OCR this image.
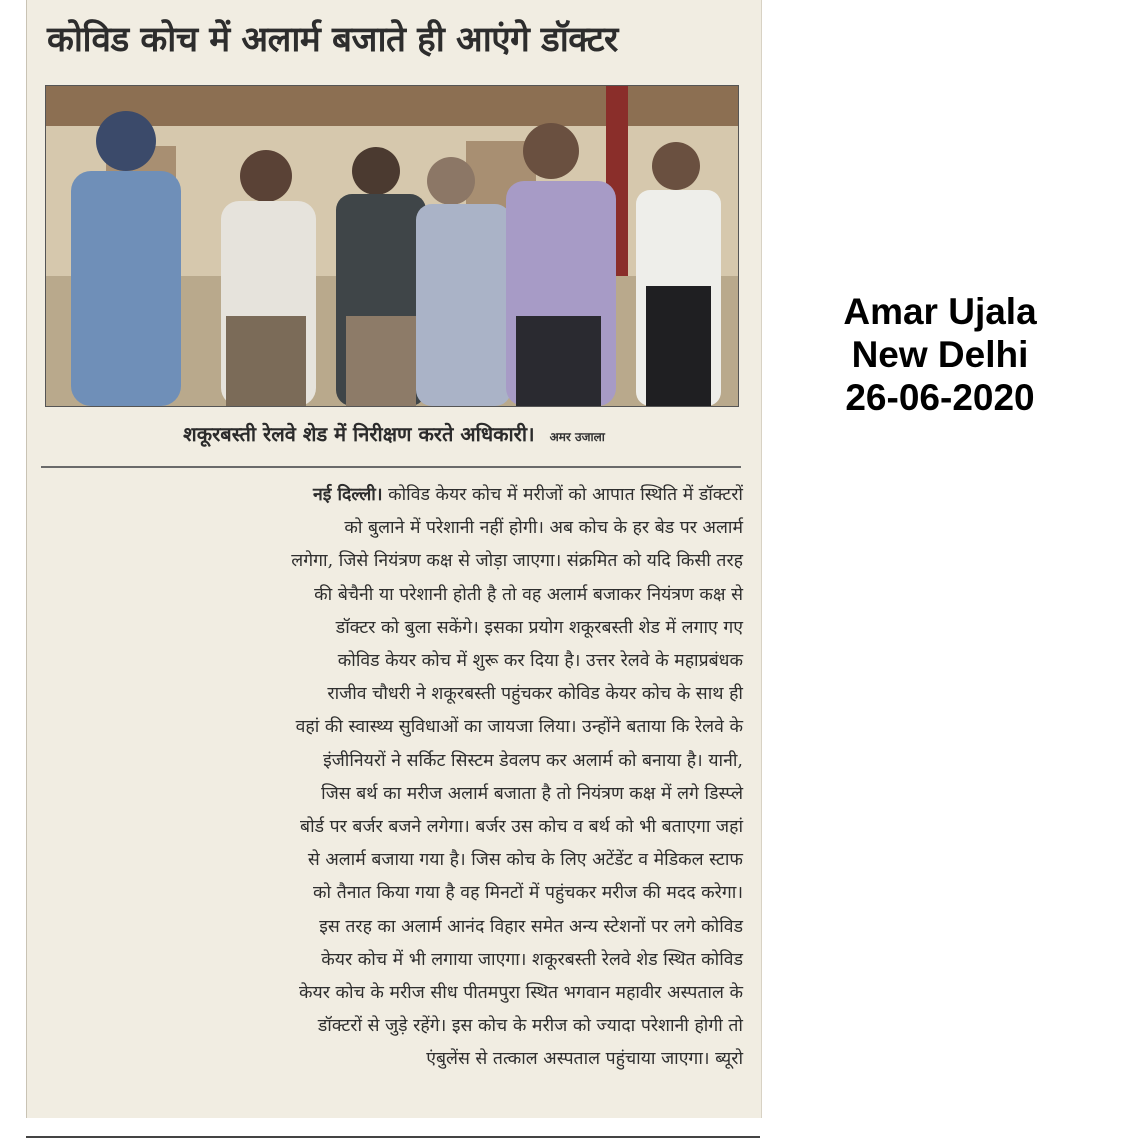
कोविड कोच में अलार्म बजाते ही आएंगे डॉक्टर
शकूरबस्ती रेलवे शेड में निरीक्षण करते अधिकारी। अमर उजाला
नई दिल्ली। कोविड केयर कोच में मरीजों को आपात स्थिति में डॉक्टरों
को बुलाने में परेशानी नहीं होगी। अब कोच के हर बेड पर अलार्म
लगेगा, जिसे नियंत्रण कक्ष से जोड़ा जाएगा। संक्रमित को यदि किसी तरह
की बेचैनी या परेशानी होती है तो वह अलार्म बजाकर नियंत्रण कक्ष से
डॉक्टर को बुला सकेंगे। इसका प्रयोग शकूरबस्ती शेड में लगाए गए
कोविड केयर कोच में शुरू कर दिया है। उत्तर रेलवे के महाप्रबंधक
राजीव चौधरी ने शकूरबस्ती पहुंचकर कोविड केयर कोच के साथ ही
वहां की स्वास्थ्य सुविधाओं का जायजा लिया। उन्होंने बताया कि रेलवे के
इंजीनियरों ने सर्किट सिस्टम डेवलप कर अलार्म को बनाया है। यानी,
जिस बर्थ का मरीज अलार्म बजाता है तो नियंत्रण कक्ष में लगे डिस्प्ले
बोर्ड पर बर्जर बजने लगेगा। बर्जर उस कोच व बर्थ को भी बताएगा जहां
से अलार्म बजाया गया है। जिस कोच के लिए अटेंडेंट व मेडिकल स्टाफ
को तैनात किया गया है वह मिनटों में पहुंचकर मरीज की मदद करेगा।
इस तरह का अलार्म आनंद विहार समेत अन्य स्टेशनों पर लगे कोविड
केयर कोच में भी लगाया जाएगा। शकूरबस्ती रेलवे शेड स्थित कोविड
केयर कोच के मरीज सीध पीतमपुरा स्थित भगवान महावीर अस्पताल के
डॉक्टरों से जुड़े रहेंगे। इस कोच के मरीज को ज्यादा परेशानी होगी तो
एंबुलेंस से तत्काल अस्पताल पहुंचाया जाएगा। ब्यूरो
Amar Ujala
New Delhi
26-06-2020
